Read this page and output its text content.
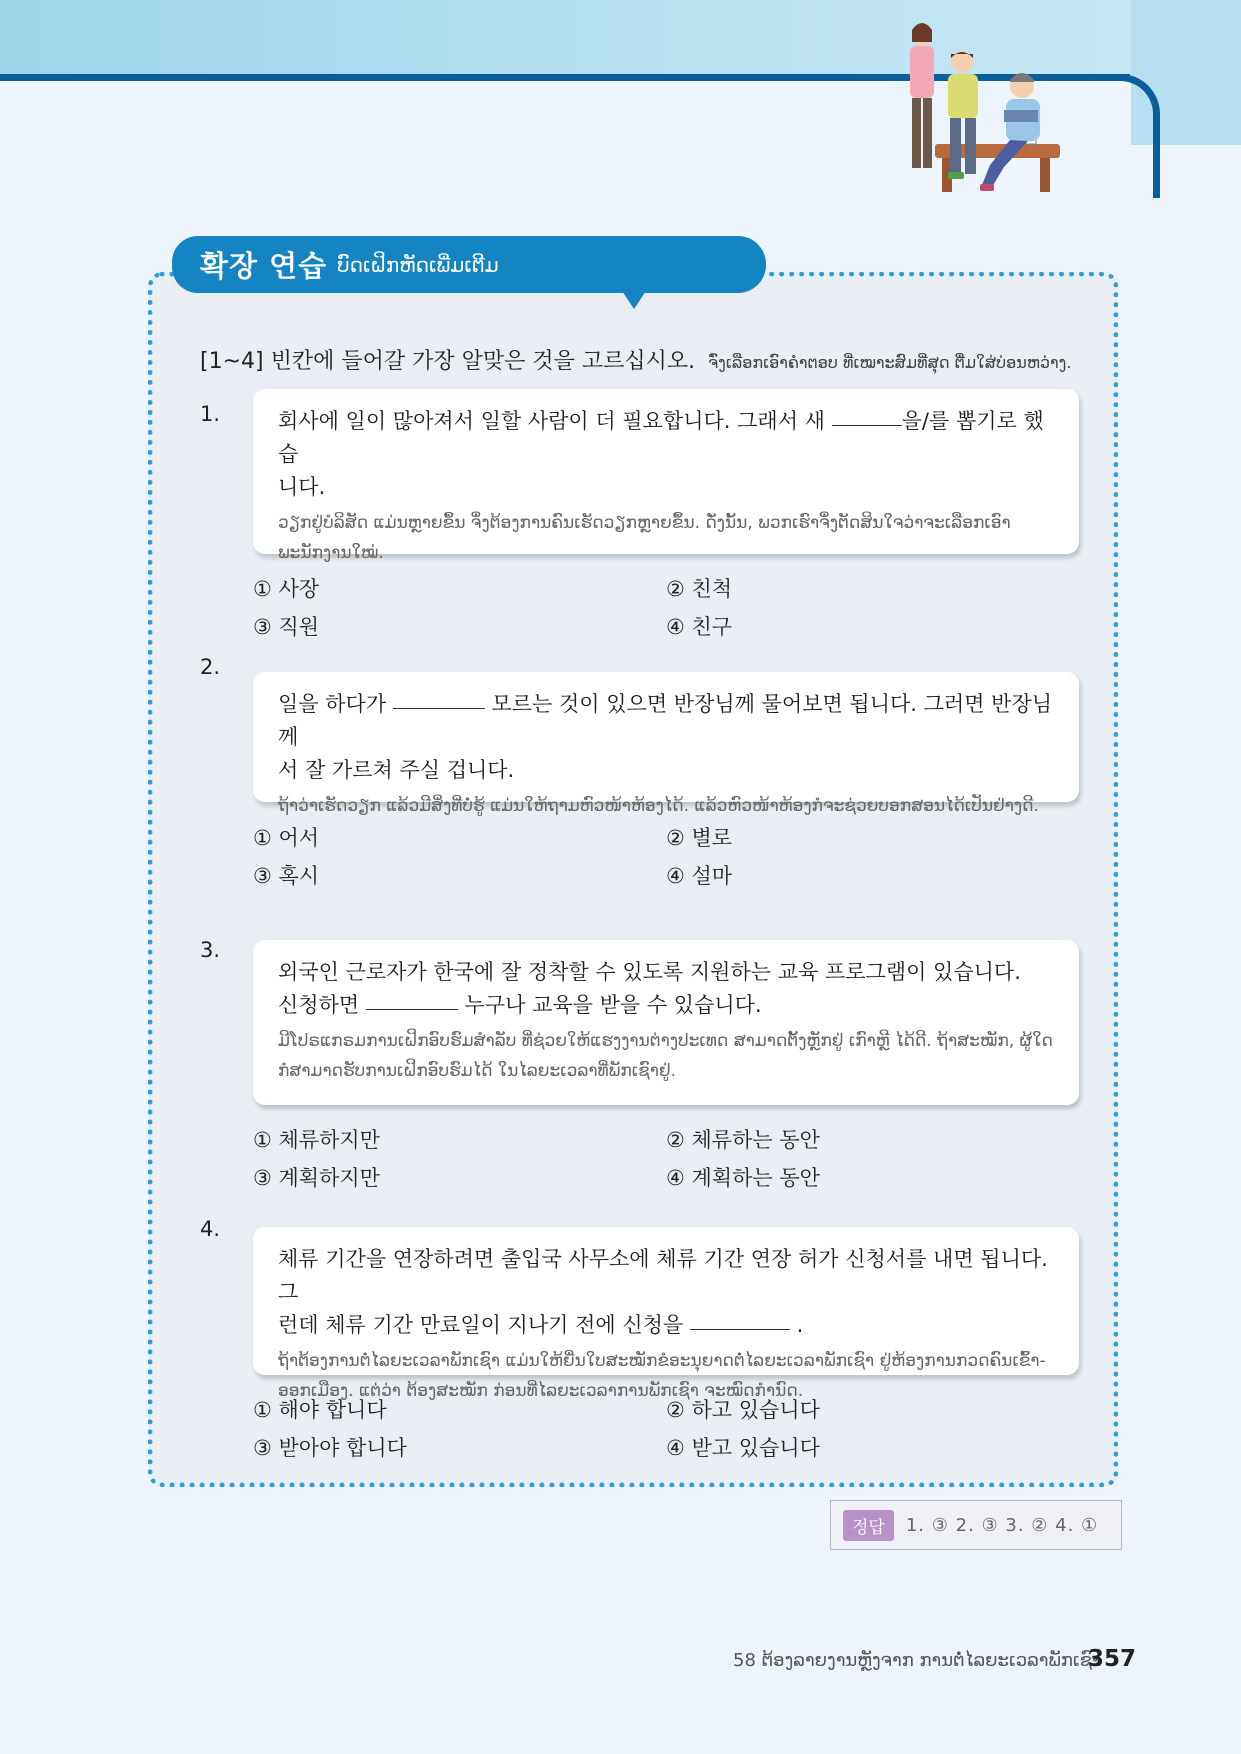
확장 연습 ບົດເຝິກຫັດເພີ່ມເຕີມ
[1~4] 빈칸에 들어갈 가장 알맞은 것을 고르십시오. ຈົ່ງເລືອກເອົາຄຳຕອບ ທີ່ເໝາະສົມທີ່ສຸດ ຕື່ມໃສ່ບ່ອນຫວ່າງ.
1.	회사에 일이 많아져서 일할 사람이 더 필요합니다. 그래서 새	을/를 뽑기로 했습
니다.
ວຽກຢູ່ບໍລິສັດ ແມ່ນຫຼາຍຂຶ້ນ ຈຶ່ງຕ້ອງການຄົນເຮັດວຽກຫຼາຍຂຶ້ນ. ດັ່ງນັ້ນ, ພວກເຮົາຈຶ່ງຕັດສິນໃຈວ່າຈະເລືອກເອົາພະນັກງານໃໝ່.
① 사장	② 친척
③ 직원	④ 친구
2.
일을 하다가	모르는 것이 있으면 반장님께 물어보면 됩니다. 그러면 반장님께
서 잘 가르쳐 주실 겁니다.
ຖ້າວ່າເຮັດວຽກ ແລ້ວມີສິ່ງທີ່ບໍ່ຮູ້ ແມ່ນໃຫ້ຖາມຫົວໜ້າຫ້ອງໄດ້. ແລ້ວຫົວໜ້າຫ້ອງກໍຈະຊ່ວຍບອກສອນໄດ້ເປັນຢ່າງດີ.
① 어서	② 별로
③ 혹시	④ 설마
3.
외국인 근로자가 한국에 잘 정착할 수 있도록 지원하는 교육 프로그램이 있습니다.
신청하면	누구나 교육을 받을 수 있습니다.
ມີໂປຣແກຣມການເຝິກອົບຮົມສຳລັບ ທີ່ຊ່ວຍໃຫ້ແຮງງານຕ່າງປະເທດ ສາມາດຕັ້ງຫຼັກຢູ່ ເກົາຫຼີ ໄດ້ດີ. ຖ້າສະໝັກ, ຜູ້ໃດກໍສາມາດຮັບການເຝິກອົບຮົມໄດ້ ໃນໄລຍະເວລາທີ່ພັກເຊົາຢູ່.
① 체류하지만	② 체류하는 동안
③ 계획하지만	④ 계획하는 동안
4.
체류 기간을 연장하려면 출입국 사무소에 체류 기간 연장 허가 신청서를 내면 됩니다. 그
런데 체류 기간 만료일이 지나기 전에 신청을	.
ຖ້າຕ້ອງການຕໍ່ໄລຍະເວລາພັກເຊົາ ແມ່ນໃຫ້ຍື່ນໃບສະໝັກຂໍອະນຸຍາດຕໍ່ໄລຍະເວລາພັກເຊົາ ຢູ່ຫ້ອງການກວດຄົນເຂົ້າ-ອອກເມືອງ. ແຕ່ວ່າ ຕ້ອງສະໝັກ ກ່ອນທີ່ໄລຍະເວລາການພັກເຊົາ ຈະໝົດກຳນົດ.
① 해야 합니다	② 하고 있습니다
③ 받아야 합니다	④ 받고 있습니다
정답	1. ③ 2. ③ 3. ② 4. ①
58 ຕ້ອງລາຍງານຫຼັງຈາກ ການຕໍ່ໄລຍະເວລາພັກເຊົາ
357
